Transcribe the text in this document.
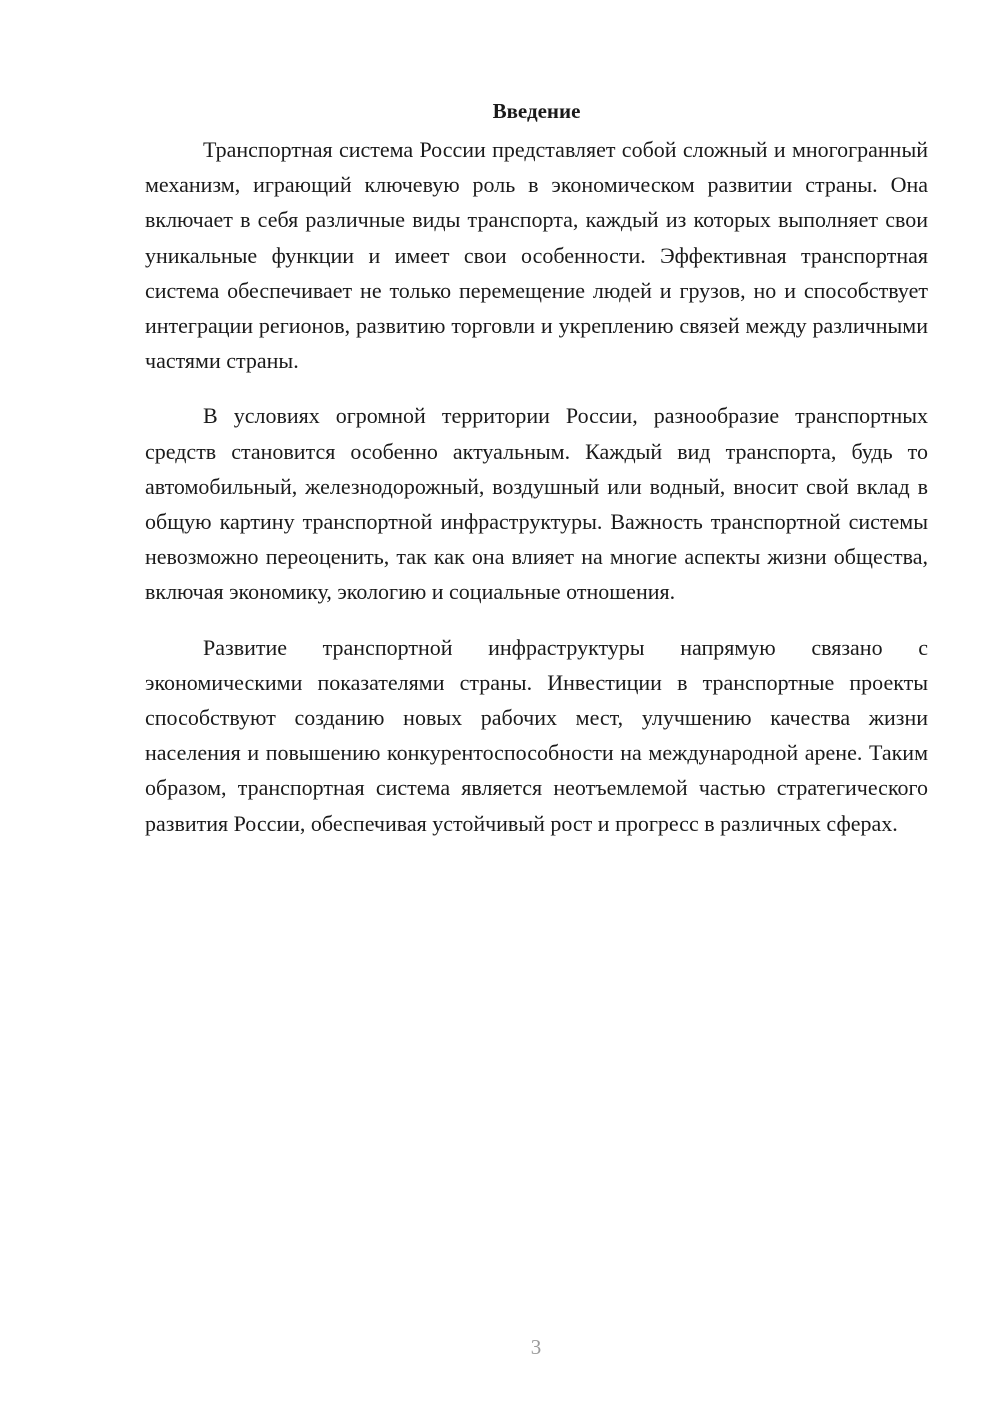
Введение

Транспортная система России представляет собой сложный и многогранный механизм, играющий ключевую роль в экономическом развитии страны. Она включает в себя различные виды транспорта, каждый из которых выполняет свои уникальные функции и имеет свои особенности. Эффективная транспортная система обеспечивает не только перемещение людей и грузов, но и способствует интеграции регионов, развитию торговли и укреплению связей между различными частями страны.

В условиях огромной территории России, разнообразие транспортных средств становится особенно актуальным. Каждый вид транспорта, будь то автомобильный, железнодорожный, воздушный или водный, вносит свой вклад в общую картину транспортной инфраструктуры. Важность транспортной системы невозможно переоценить, так как она влияет на многие аспекты жизни общества, включая экономику, экологию и социальные отношения.

Развитие транспортной инфраструктуры напрямую связано с экономическими показателями страны. Инвестиции в транспортные проекты способствуют созданию новых рабочих мест, улучшению качества жизни населения и повышению конкурентоспособности на международной арене. Таким образом, транспортная система является неотъемлемой частью стратегического развития России, обеспечивая устойчивый рост и прогресс в различных сферах.

3
